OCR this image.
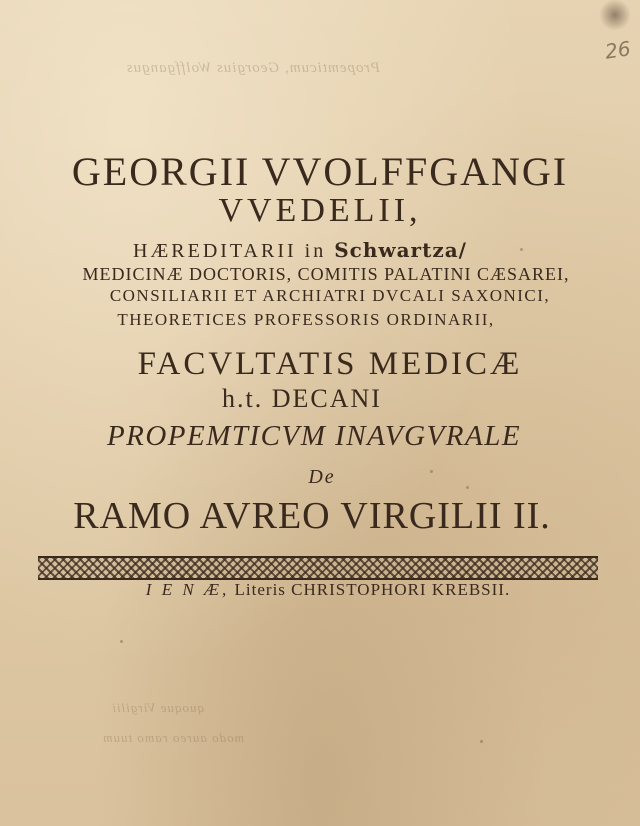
26
Propemticum, Georgius Wolffgangus
quoque Virgilii
modo aureo ramo tuum
GEORGII VVOLFFGANGI
VVEDELII,
HÆREDITARII in Schwartza/
MEDICINÆ DOCTORIS, COMITIS PALATINI CÆSAREI,
CONSILIARII ET ARCHIATRI DVCALI SAXONICI,
THEORETICES PROFESSORIS ORDINARII,
FACVLTATIS MEDICÆ
h.t. DECANI
PROPEMTICVM INAVGVRALE
De
RAMO AVREO VIRGILII II.
I E N Æ, Literis CHRISTOPHORI KREBSII.
